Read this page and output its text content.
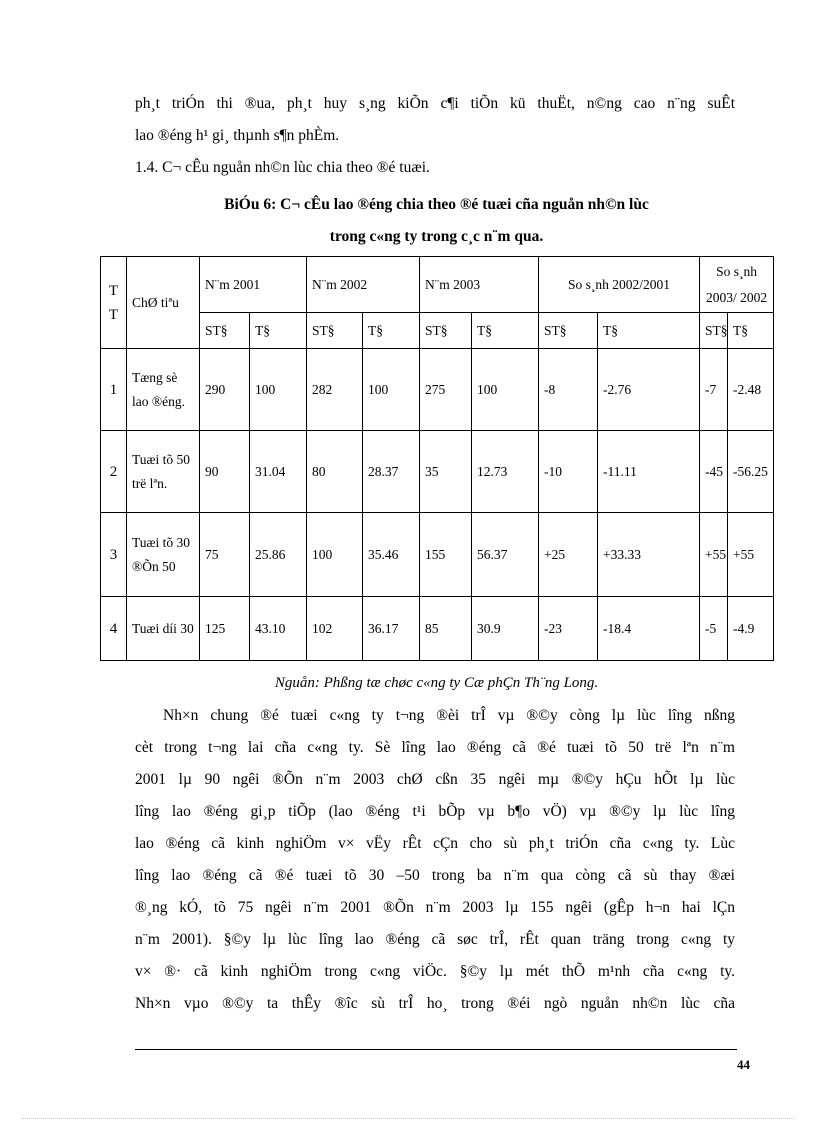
ph¸t triÓn thi ®ua, ph¸t huy s¸ng kiÕn c¶i tiÕn kü thuËt, n©ng cao n¨ng suÊt
lao ®éng h¹ gi¸ thµnh s¶n phÈm.
1.4. C¬ cÊu nguån nh©n lùc chia theo ®é tuæi.
BiÓu 6: C¬ cÊu lao ®éng chia theo ®é tuæi cña nguån nh©n lùc
trong c«ng ty trong c¸c n¨m qua.
T T	ChØ tiªu	N¨m 2001		N¨m 2002		N¨m 2003		So s¸nh 2002/2001		So s¸nh 2003/ 2002	
		ST§	T§	ST§	T§	ST§	T§	ST§	T§	ST§	T§
1	Tæng sè lao ®éng.	290	100	282	100	275	100	-8	-2.76	-7	-2.48
2	Tuæi tõ 50 trë lªn.	90	31.04	80	28.37	35	12.73	-10	-11.11	-45	-56.25
3	Tuæi tõ 30 ®Õn 50	75	25.86	100	35.46	155	56.37	+25	+33.33	+55	+55
4	Tuæi díi 30	125	43.10	102	36.17	85	30.9	-23	-18.4	-5	-4.9
Nguån: Phßng tæ chøc c«ng ty Cæ phÇn Th¨ng Long.
Nh×n chung ®é tuæi c«ng ty t¬ng ®èi trÎ vµ ®©y còng lµ lùc lîng nßng
cèt trong t¬ng lai cña c«ng ty. Sè lîng lao ®éng cã ®é tuæi tõ 50 trë lªn n¨m
2001 lµ 90 ngêi ®Õn n¨m 2003 chØ cßn 35 ngêi mµ ®©y hÇu hÕt lµ lùc
lîng lao ®éng gi¸p tiÕp (lao ®éng t¹i bÕp vµ b¶o vÖ) vµ ®©y lµ lùc lîng
lao ®éng cã kinh nghiÖm v× vËy rÊt cÇn cho sù ph¸t triÓn cña c«ng ty. Lùc
lîng lao ®éng cã ®é tuæi tõ 30 –50 trong ba n¨m qua còng cã sù thay ®æi
®¸ng kÓ, tõ 75 ngêi n¨m 2001 ®Õn n¨m 2003 lµ 155 ngêi (gÊp h¬n hai lÇn
n¨m 2001). §©y lµ lùc lîng lao ®éng cã søc trÎ, rÊt quan träng trong c«ng ty
v× ®· cã kinh nghiÖm trong c«ng viÖc. §©y lµ mét thÕ m¹nh cña c«ng ty.
Nh×n vµo ®©y ta thÊy ®îc sù trÎ ho¸ trong ®éi ngò nguån nh©n lùc cña
44
